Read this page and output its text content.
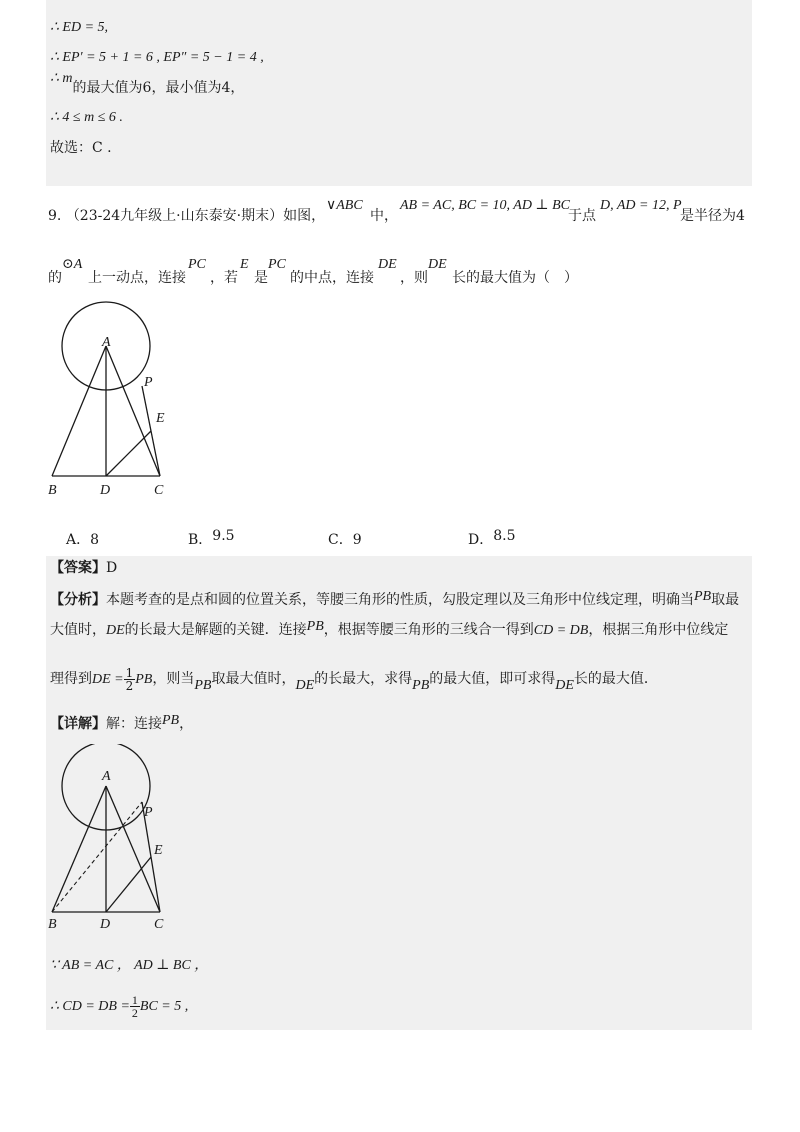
∴ ED = 5,
∴ EP′ = 5 + 1 = 6 , EP″ = 5 − 1 = 4 ,
∴ m的最大值为6，最小值为4，
∴ 4 ≤ m ≤ 6 .
故选：C .
9. （23-24九年级上·山东泰安·期末）如图，
∨ABC
中，
AB = AC, BC = 10, AD ⊥ BC
于点
D, AD = 12, P
是半径为4
的
⊙A
上一动点，连接
PC
，若
E
是
PC
的中点，连接
DE
，则
DE
长的最大值为（　）
A
P
E
B	D	C
A．8	B．9.5	C．9	D．8.5
【答案】D
【分析】本题考查的是点和圆的位置关系，等腰三角形的性质，勾股定理以及三角形中位线定理，明确当PB取最
大值时，DE的长最大是解题的关键．连接PB，根据等腰三角形的三线合一得到CD = DB，根据三角形中位线定
理得到DE = $\frac{1}{2}$ PB，则当PB取最大值时，DE的长最大，求得PB的最大值，即可求得DE长的最大值．
【详解】解：连接PB，
A
P
E
B	D	C
∵ AB = AC ， AD ⊥ BC ，
∴ CD = DB = $\frac{1}{2}$ BC = 5 ,
